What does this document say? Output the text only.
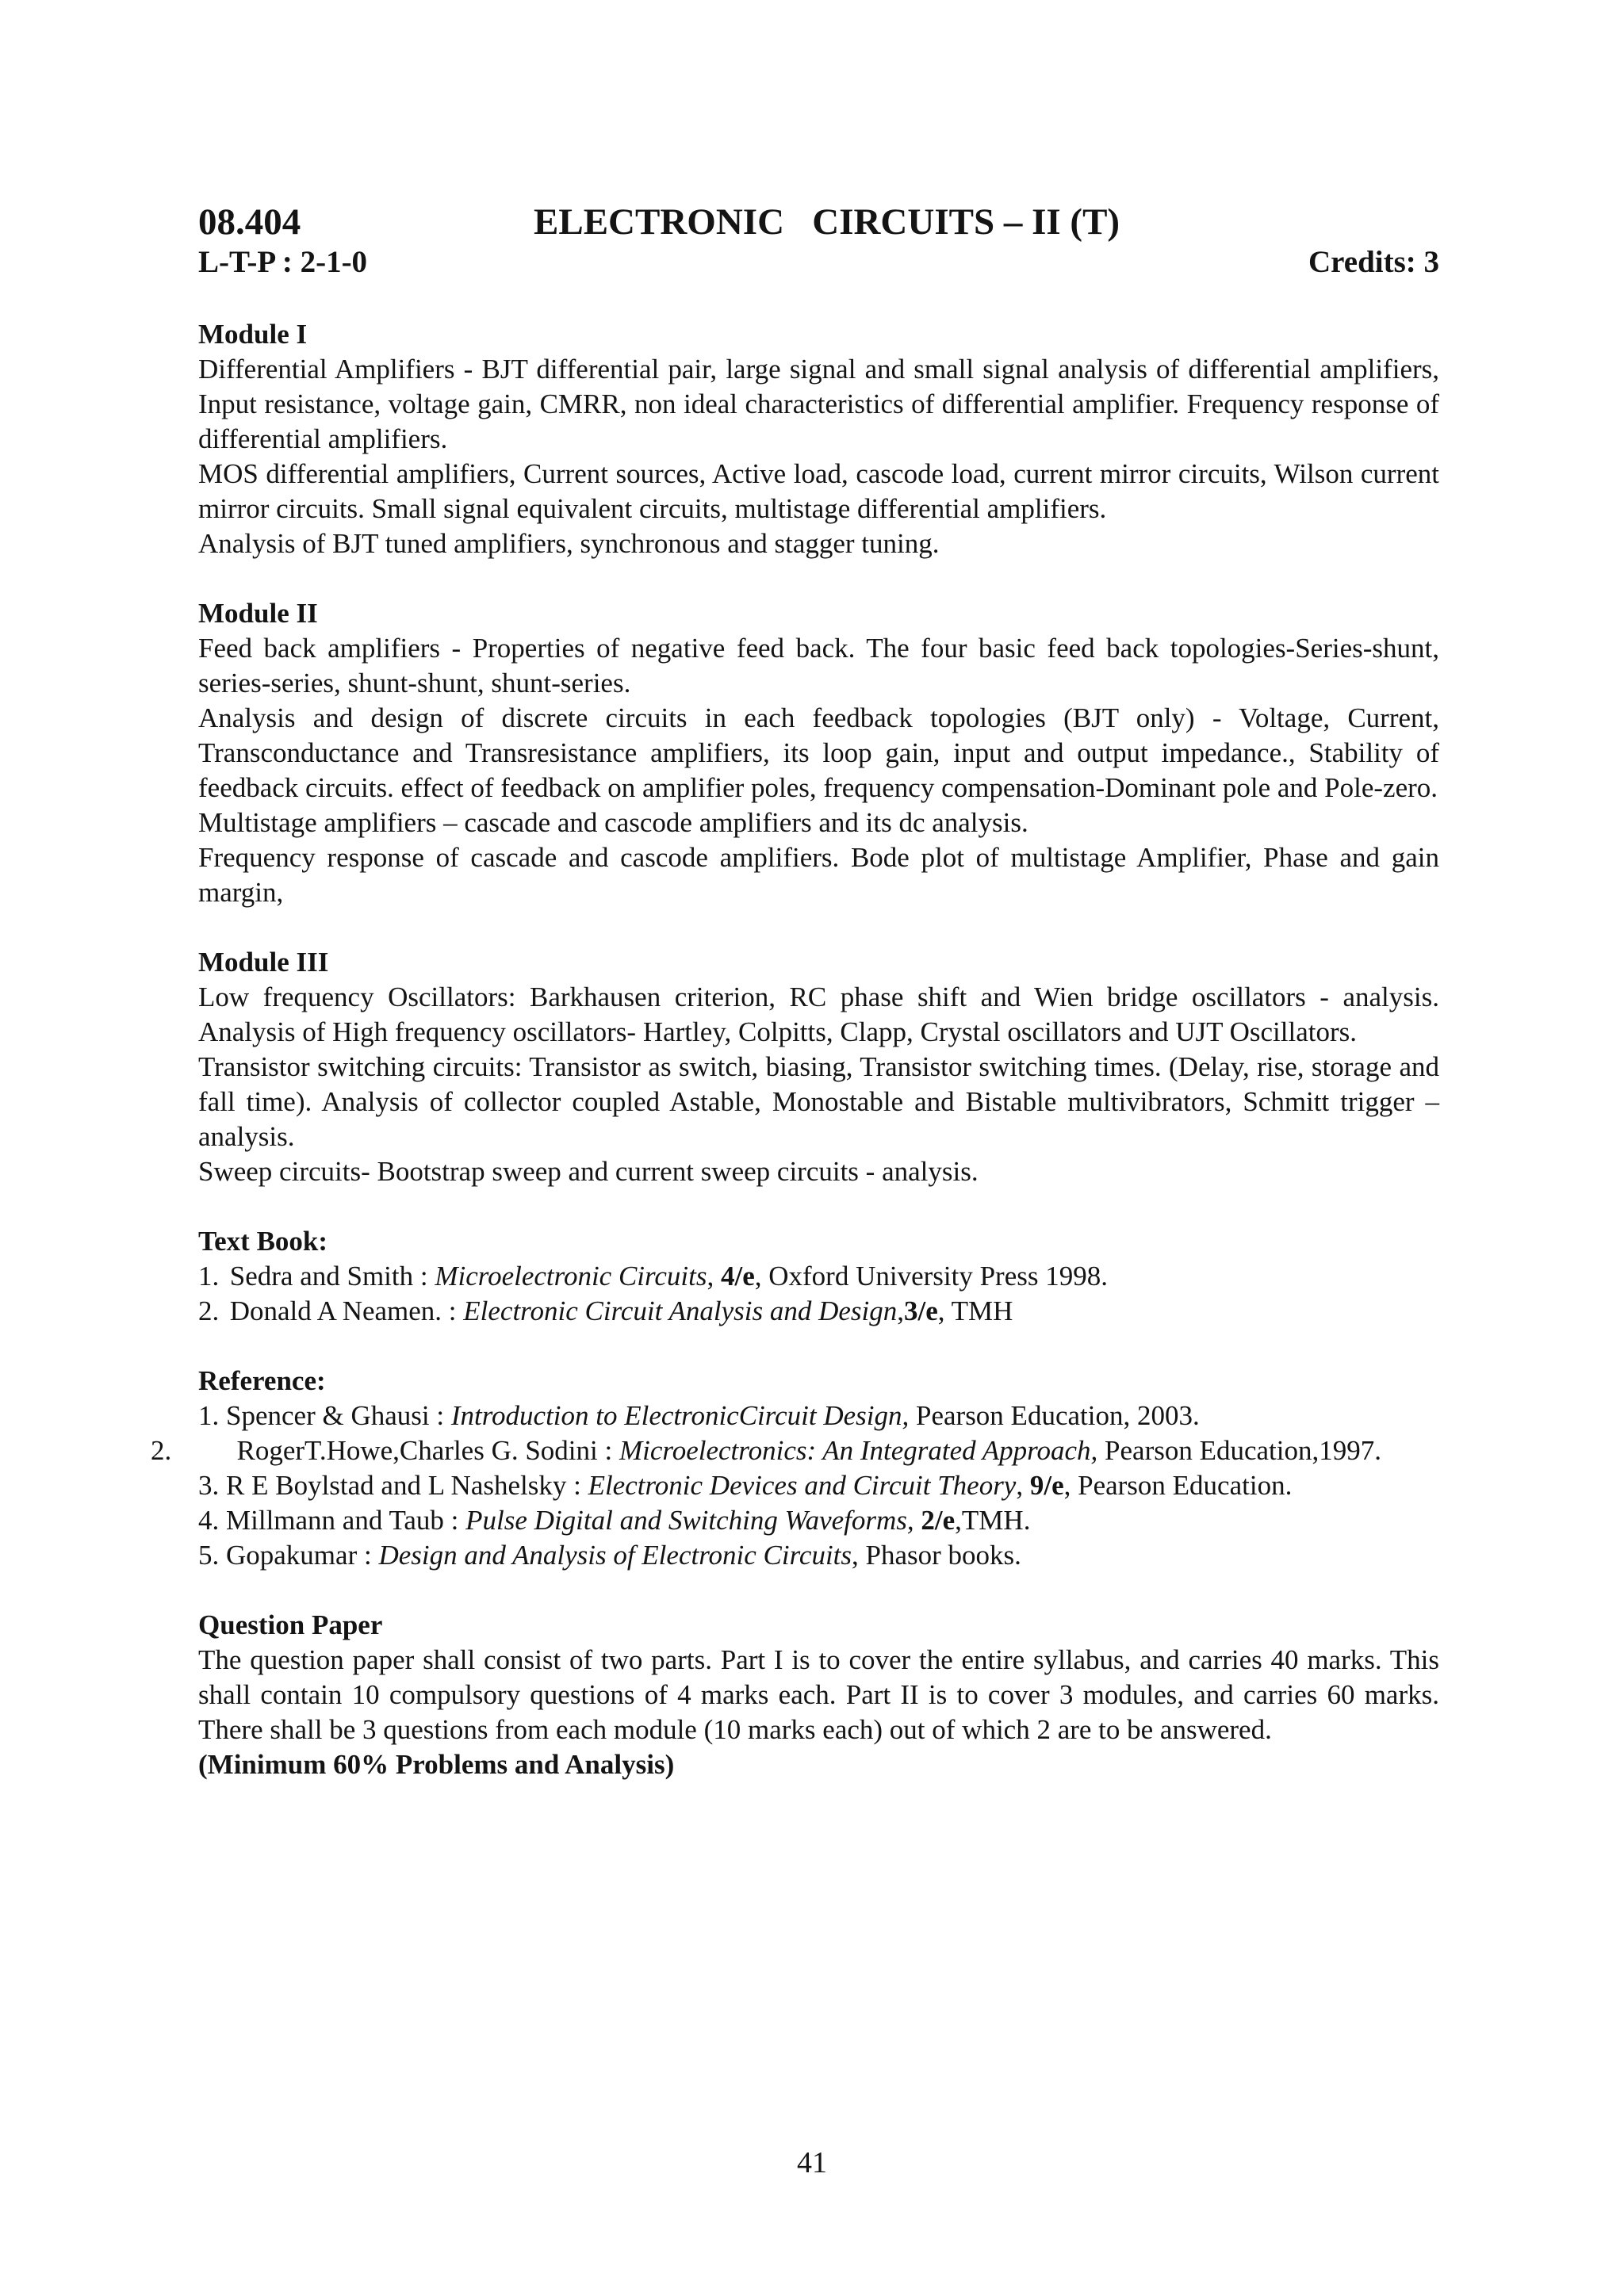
08.404	ELECTRONIC   CIRCUITS – II (T)
L-T-P : 2-1-0	Credits: 3
Module I

Differential Amplifiers - BJT differential pair, large signal and small signal analysis of differential amplifiers, Input resistance, voltage gain, CMRR, non ideal characteristics of differential amplifier. Frequency response of differential amplifiers.

MOS differential amplifiers, Current sources, Active load, cascode load, current mirror circuits, Wilson current mirror circuits. Small signal equivalent circuits, multistage differential amplifiers.

Analysis of BJT tuned amplifiers, synchronous and stagger tuning.

Module II

Feed back amplifiers - Properties of negative feed back. The four basic feed back topologies-Series-shunt, series-series, shunt-shunt, shunt-series.

Analysis and design of discrete circuits in each feedback topologies (BJT only) - Voltage, Current, Transconductance and Transresistance amplifiers, its loop gain, input and output impedance., Stability of feedback circuits. effect of feedback on amplifier poles, frequency compensation-Dominant pole and Pole-zero.

Multistage amplifiers – cascade and cascode amplifiers and its dc analysis.

Frequency response of cascade and cascode amplifiers. Bode plot of multistage Amplifier, Phase and gain margin,

Module III

Low frequency Oscillators: Barkhausen criterion, RC phase shift and Wien bridge oscillators - analysis. Analysis of High frequency oscillators- Hartley, Colpitts, Clapp, Crystal oscillators and UJT Oscillators.

Transistor switching circuits: Transistor as switch, biasing, Transistor switching times. (Delay, rise, storage and fall time). Analysis of collector coupled Astable, Monostable and Bistable multivibrators, Schmitt trigger – analysis.

Sweep circuits- Bootstrap sweep and current sweep circuits - analysis.

Text Book:
1. Sedra and Smith : Microelectronic Circuits, 4/e, Oxford University Press 1998.
2. Donald A Neamen. : Electronic Circuit Analysis and Design,3/e, TMH
Reference:
1. Spencer & Ghausi : Introduction to ElectronicCircuit Design, Pearson Education, 2003.
2. RogerT.Howe,Charles G. Sodini : Microelectronics: An Integrated Approach, Pearson Education,1997.
3. R E Boylstad and L Nashelsky : Electronic Devices and Circuit Theory, 9/e, Pearson Education.
4. Millmann and Taub : Pulse Digital and Switching Waveforms, 2/e,TMH.
5. Gopakumar : Design and Analysis of Electronic Circuits, Phasor books.
Question Paper

The question paper shall consist of two parts. Part I is to cover the entire syllabus, and carries 40 marks. This shall contain 10 compulsory questions of 4 marks each. Part II is to cover 3 modules, and carries 60 marks. There shall be 3 questions from each module (10 marks each) out of which 2 are to be answered.

(Minimum 60% Problems and Analysis)
41
